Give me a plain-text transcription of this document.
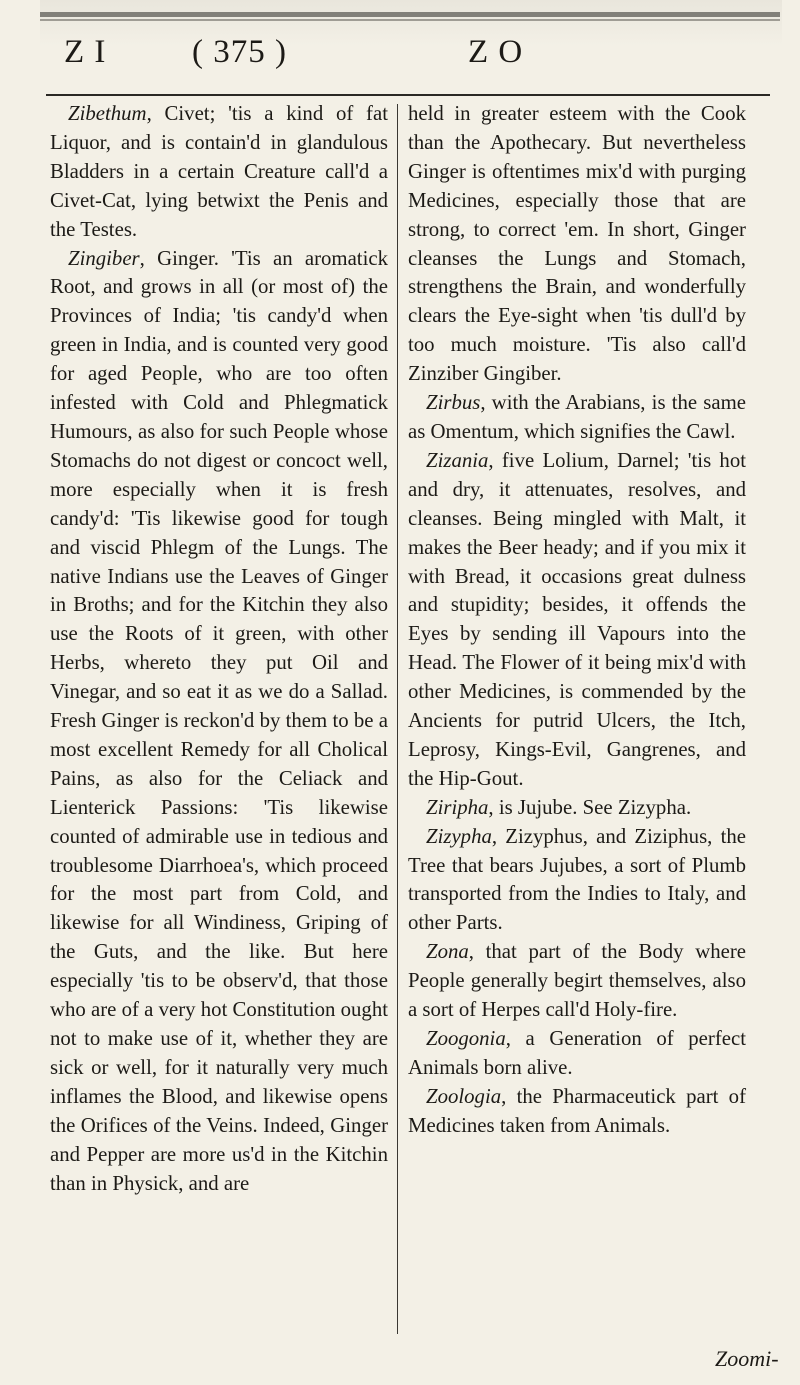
Z I	( 375 )	Z O

Zibethum, Civet; 'tis a kind of fat Liquor, and is contain'd in glandulous Bladders in a certain Creature call'd a Civet-Cat, lying betwixt the Penis and the Testes.

Zingiber, Ginger. 'Tis an aromatick Root, and grows in all (or most of) the Provinces of India; 'tis candy'd when green in India, and is counted very good for aged People, who are too often infested with Cold and Phlegmatick Humours, as also for such People whose Stomachs do not digest or concoct well, more especially when it is fresh candy'd: 'Tis likewise good for tough and viscid Phlegm of the Lungs. The native Indians use the Leaves of Ginger in Broths; and for the Kitchin they also use the Roots of it green, with other Herbs, whereto they put Oil and Vinegar, and so eat it as we do a Sallad. Fresh Ginger is reckon'd by them to be a most excellent Remedy for all Cholical Pains, as also for the Celiack and Lienterick Passions: 'Tis likewise counted of admirable use in tedious and troublesome Diarrhoea's, which proceed for the most part from Cold, and likewise for all Windiness, Griping of the Guts, and the like. But here especially 'tis to be observ'd, that those who are of a very hot Constitution ought not to make use of it, whether they are sick or well, for it naturally very much inflames the Blood, and likewise opens the Orifices of the Veins. Indeed, Ginger and Pepper are more us'd in the Kitchin than in Physick, and are

held in greater esteem with the Cook than the Apothecary. But nevertheless Ginger is oftentimes mix'd with purging Medicines, especially those that are strong, to correct 'em. In short, Ginger cleanses the Lungs and Stomach, strengthens the Brain, and wonderfully clears the Eye-sight when 'tis dull'd by too much moisture. 'Tis also call'd Zinziber Gingiber.

Zirbus, with the Arabians, is the same as Omentum, which signifies the Cawl.

Zizania, five Lolium, Darnel; 'tis hot and dry, it attenuates, resolves, and cleanses. Being mingled with Malt, it makes the Beer heady; and if you mix it with Bread, it occasions great dulness and stupidity; besides, it offends the Eyes by sending ill Vapours into the Head. The Flower of it being mix'd with other Medicines, is commended by the Ancients for putrid Ulcers, the Itch, Leprosy, Kings-Evil, Gangrenes, and the Hip-Gout.

Ziripha, is Jujube. See Zizypha.

Zizypha, Zizyphus, and Ziziphus, the Tree that bears Jujubes, a sort of Plumb transported from the Indies to Italy, and other Parts.

Zona, that part of the Body where People generally begirt themselves, also a sort of Herpes call'd Holy-fire.

Zoogonia, a Generation of perfect Animals born alive.

Zoologia, the Pharmaceutick part of Medicines taken from Animals.

Zoomi-
